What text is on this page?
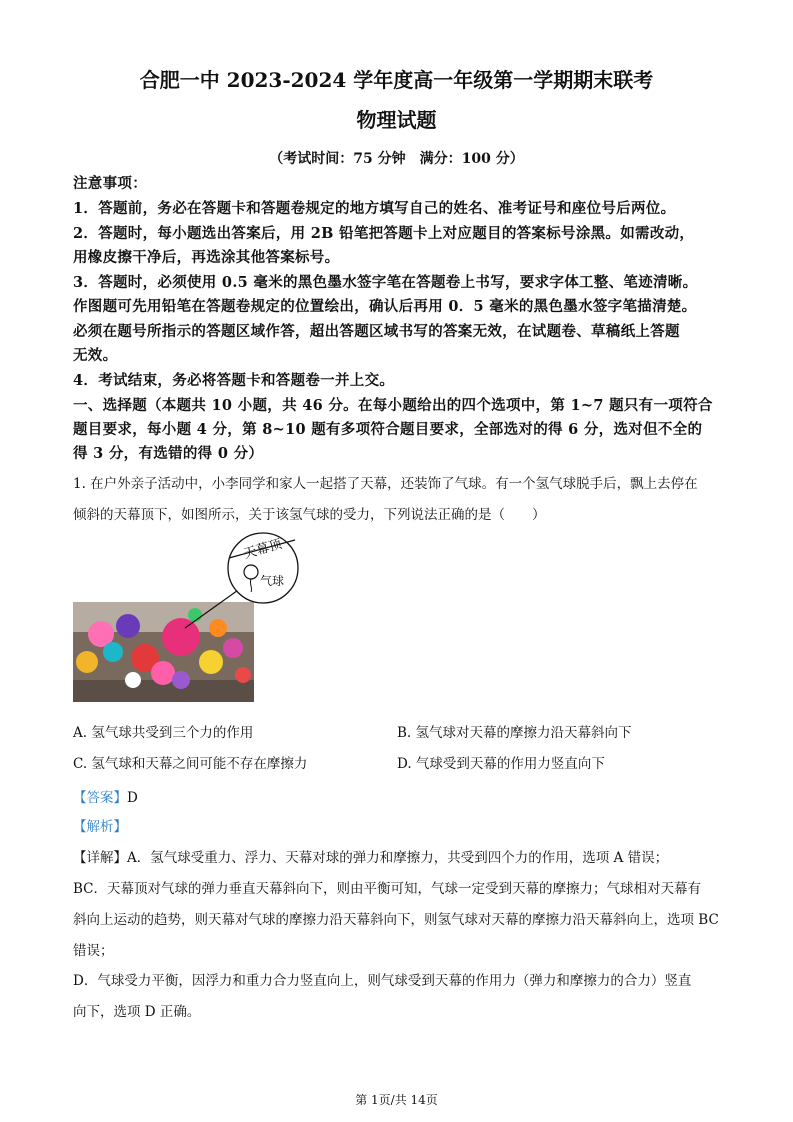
合肥一中 2023-2024 学年度高一年级第一学期期末联考
物理试题
（考试时间：75 分钟　满分：100 分）
注意事项：
1．答题前，务必在答题卡和答题卷规定的地方填写自己的姓名、准考证号和座位号后两位。
2．答题时，每小题选出答案后，用 2B 铅笔把答题卡上对应题目的答案标号涂黑。如需改动，
用橡皮擦干净后，再选涂其他答案标号。
3．答题时，必须使用 0.5 毫米的黑色墨水签字笔在答题卷上书写，要求字体工整、笔迹清晰。
作图题可先用铅笔在答题卷规定的位置绘出，确认后再用 0．5 毫米的黑色墨水签字笔描清楚。
必须在题号所指示的答题区域作答，超出答题区域书写的答案无效，在试题卷、草稿纸上答题
无效。
4．考试结束，务必将答题卡和答题卷一并上交。
一、选择题（本题共 10 小题，共 46 分。在每小题给出的四个选项中，第 1~7 题只有一项符合
题目要求，每小题 4 分，第 8~10 题有多项符合题目要求，全部选对的得 6 分，选对但不全的
得 3 分，有选错的得 0 分）
1. 在户外亲子活动中，小李同学和家人一起搭了天幕，还装饰了气球。有一个氢气球脱手后，飘上去停在
倾斜的天幕顶下，如图所示，关于该氢气球的受力，下列说法正确的是（　　）
天幕顶
气球
A. 氢气球共受到三个力的作用	B. 氢气球对天幕的摩擦力沿天幕斜向下
C. 氢气球和天幕之间可能不存在摩擦力	D. 气球受到天幕的作用力竖直向下
【答案】D
【解析】
【详解】A．氢气球受重力、浮力、天幕对球的弹力和摩擦力，共受到四个力的作用，选项 A 错误；
BC．天幕顶对气球的弹力垂直天幕斜向下，则由平衡可知，气球一定受到天幕的摩擦力；气球相对天幕有
斜向上运动的趋势，则天幕对气球的摩擦力沿天幕斜向下，则氢气球对天幕的摩擦力沿天幕斜向上，选项 BC
错误；
D．气球受力平衡，因浮力和重力合力竖直向上，则气球受到天幕的作用力（弹力和摩擦力的合力）竖直
向下，选项 D 正确。
第 1页/共 14页
